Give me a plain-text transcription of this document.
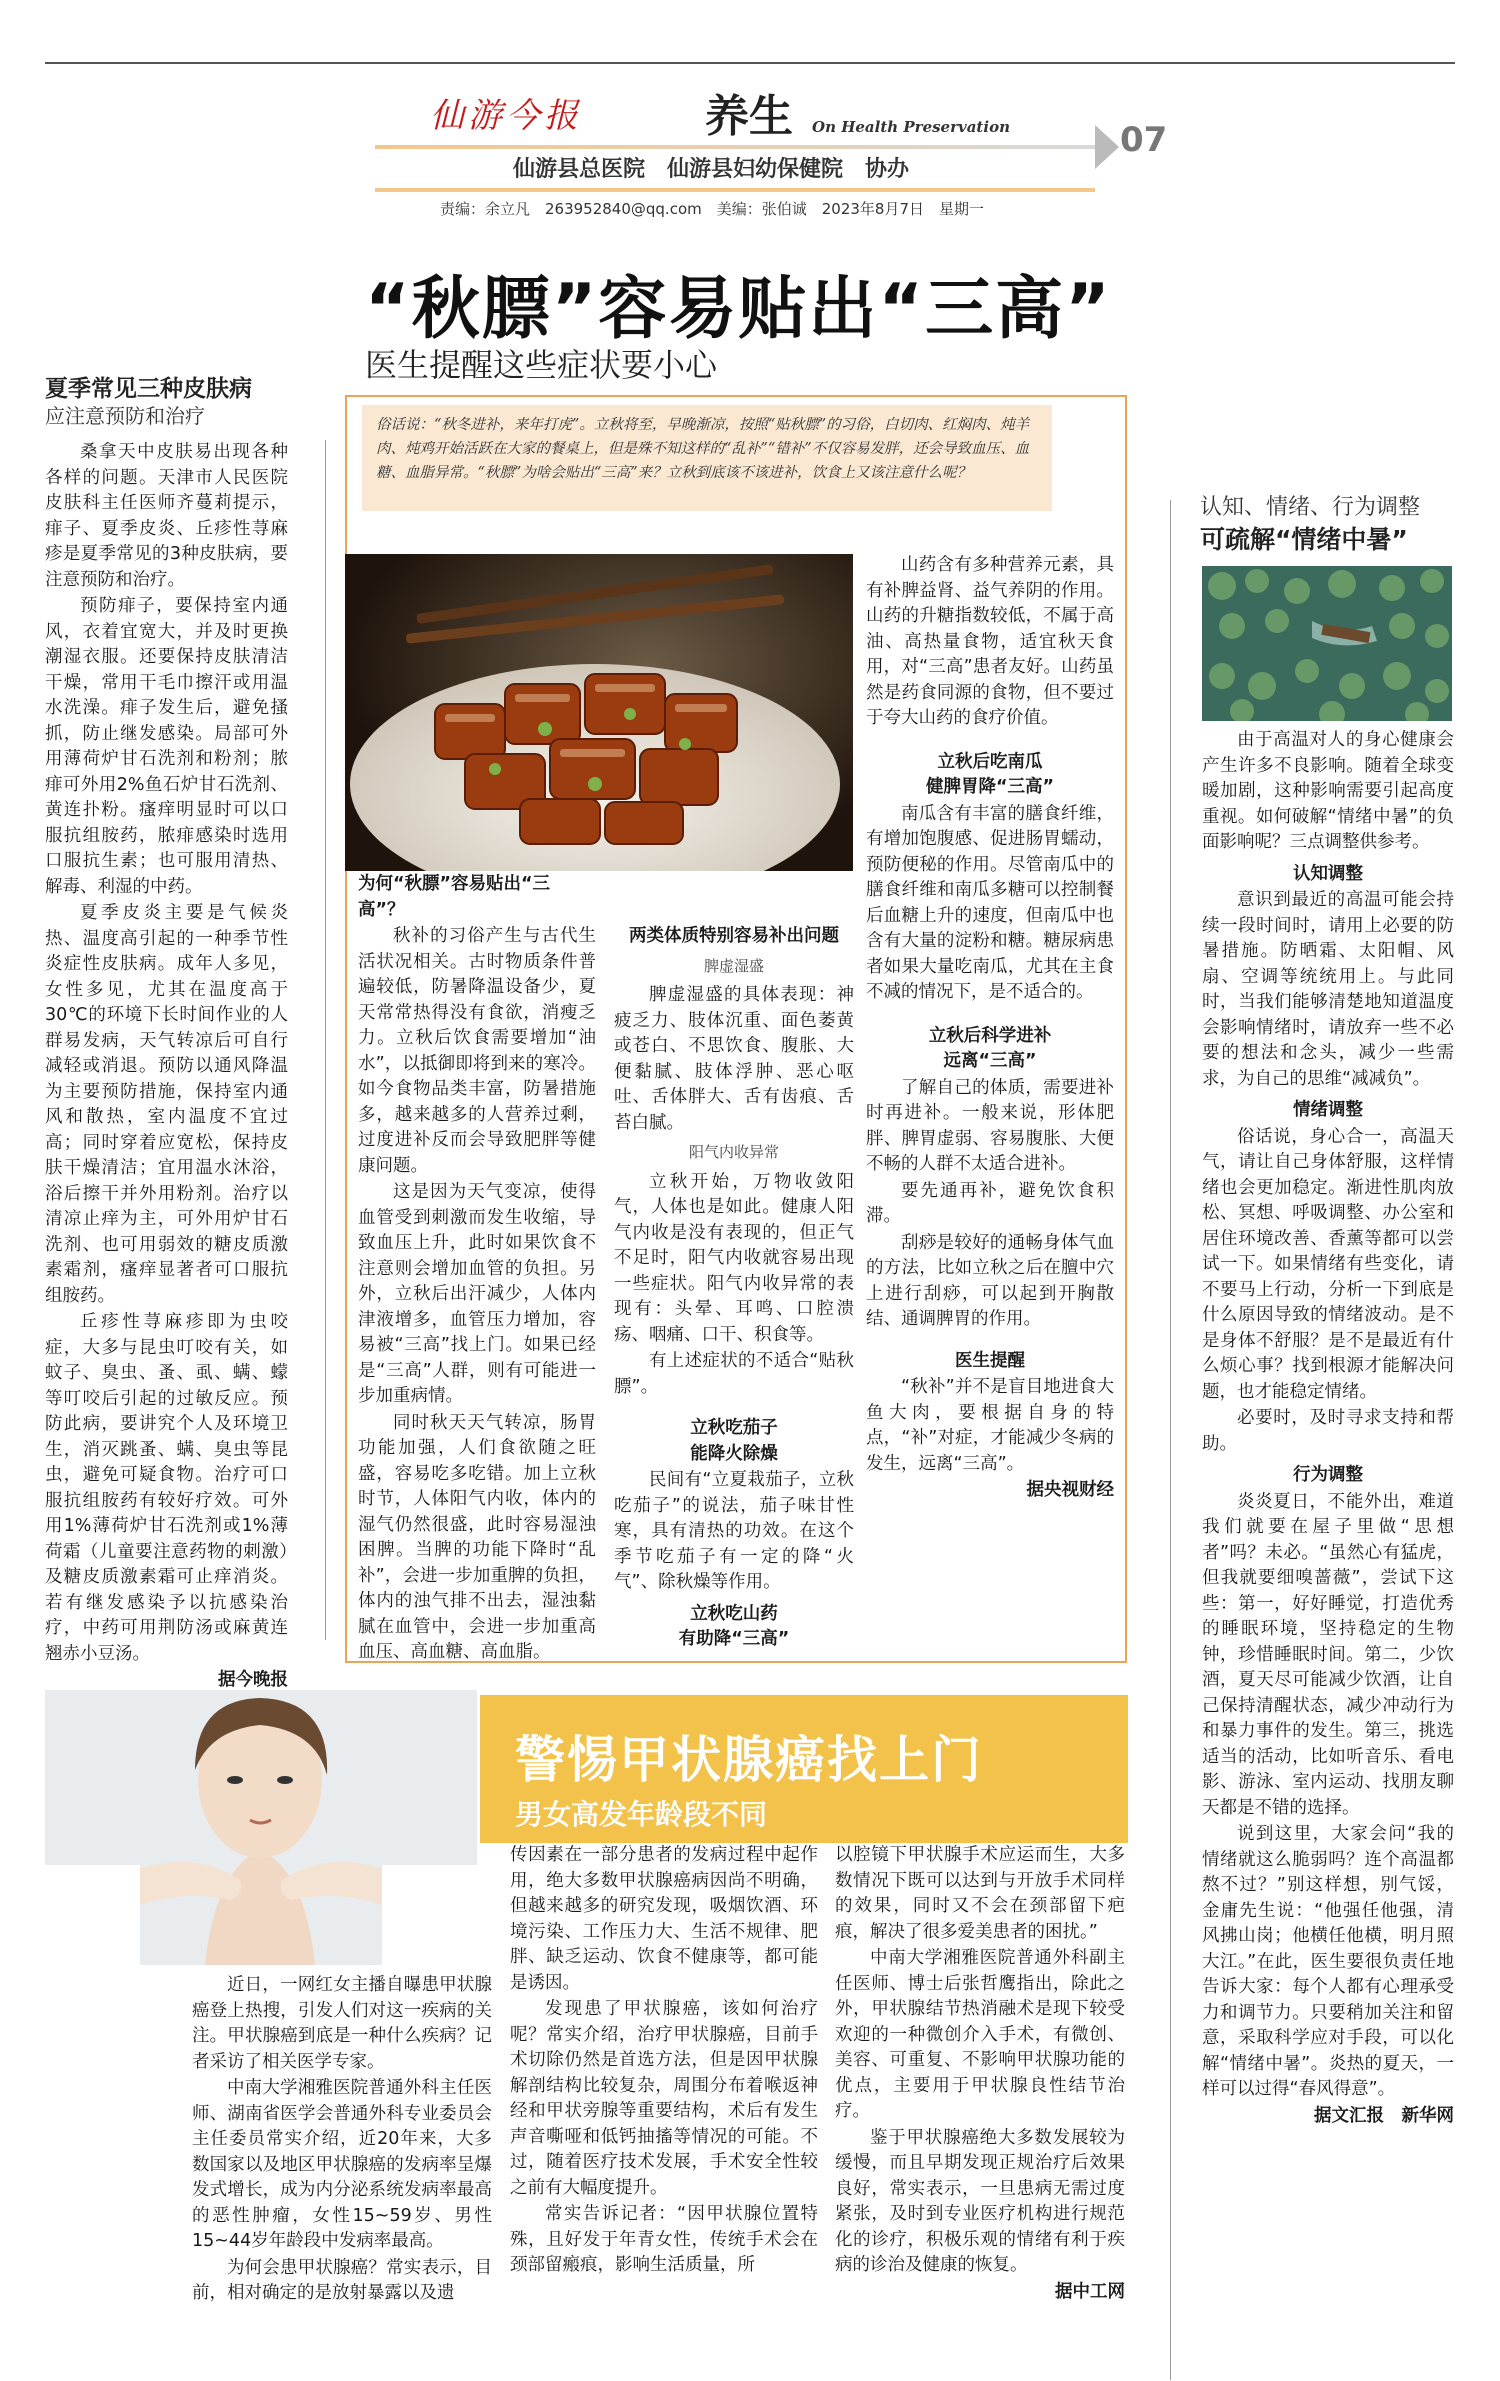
仙游今报	养生 On Health Preservation	07
仙游县总医院　仙游县妇幼保健院　协办
责编：余立凡　263952840@qq.com　美编：张伯诚　2023年8月7日　星期一
“秋膘”容易贴出“三高”
医生提醒这些症状要小心
俗话说：“秋冬进补，来年打虎”。立秋将至，早晚渐凉，按照“贴秋膘”的习俗，白切肉、红焖肉、炖羊肉、炖鸡开始活跃在大家的餐桌上，但是殊不知这样的“乱补”“错补”不仅容易发胖，还会导致血压、血糖、血脂异常。“秋膘”为啥会贴出“三高”来？立秋到底该不该进补，饮食上又该注意什么呢？

为何“秋膘”容易贴出“三高”？

秋补的习俗产生与古代生活状况相关。古时物质条件普遍较低，防暑降温设备少，夏天常常热得没有食欲，消瘦乏力。立秋后饮食需要增加“油水”，以抵御即将到来的寒冷。如今食物品类丰富，防暑措施多，越来越多的人营养过剩，过度进补反而会导致肥胖等健康问题。

这是因为天气变凉，使得血管受到刺激而发生收缩，导致血压上升，此时如果饮食不注意则会增加血管的负担。另外，立秋后出汗减少，人体内津液增多，血管压力增加，容易被“三高”找上门。如果已经是“三高”人群，则有可能进一步加重病情。

同时秋天天气转凉，肠胃功能加强，人们食欲随之旺盛，容易吃多吃错。加上立秋时节，人体阳气内收，体内的湿气仍然很盛，此时容易湿浊困脾。当脾的功能下降时“乱补”，会进一步加重脾的负担，体内的浊气排不出去，湿浊黏腻在血管中，会进一步加重高血压、高血糖、高血脂。

两类体质特别容易补出问题

脾虚湿盛

脾虚湿盛的具体表现：神疲乏力、肢体沉重、面色萎黄或苍白、不思饮食、腹胀、大便黏腻、肢体浮肿、恶心呕吐、舌体胖大、舌有齿痕、舌苔白腻。

阳气内收异常

立秋开始，万物收敛阳气，人体也是如此。健康人阳气内收是没有表现的，但正气不足时，阳气内收就容易出现一些症状。阳气内收异常的表现有：头晕、耳鸣、口腔溃疡、咽痛、口干、积食等。

有上述症状的不适合“贴秋膘”。

立秋吃茄子
能降火除燥

民间有“立夏栽茄子，立秋吃茄子”的说法，茄子味甘性寒，具有清热的功效。在这个季节吃茄子有一定的降“火气”、除秋燥等作用。

立秋吃山药
有助降“三高”

山药含有多种营养元素，具有补脾益肾、益气养阴的作用。山药的升糖指数较低，不属于高油、高热量食物，适宜秋天食用，对“三高”患者友好。山药虽然是药食同源的食物，但不要过于夸大山药的食疗价值。

立秋后吃南瓜
健脾胃降“三高”

南瓜含有丰富的膳食纤维，有增加饱腹感、促进肠胃蠕动，预防便秘的作用。尽管南瓜中的膳食纤维和南瓜多糖可以控制餐后血糖上升的速度，但南瓜中也含有大量的淀粉和糖。糖尿病患者如果大量吃南瓜，尤其在主食不减的情况下，是不适合的。

立秋后科学进补
远离“三高”

了解自己的体质，需要进补时再进补。一般来说，形体肥胖、脾胃虚弱、容易腹胀、大便不畅的人群不太适合进补。

要先通再补，避免饮食积滞。

刮痧是较好的通畅身体气血的方法，比如立秋之后在膻中穴上进行刮痧，可以起到开胸散结、通调脾胃的作用。

医生提醒

“秋补”并不是盲目地进食大鱼大肉，要根据自身的特点，“补”对症，才能减少冬病的发生，远离“三高”。

据央视财经

夏季常见三种皮肤病
应注意预防和治疗

桑拿天中皮肤易出现各种各样的问题。天津市人民医院皮肤科主任医师齐蔓莉提示，痱子、夏季皮炎、丘疹性荨麻疹是夏季常见的3种皮肤病，要注意预防和治疗。

预防痱子，要保持室内通风，衣着宜宽大，并及时更换潮湿衣服。还要保持皮肤清洁干燥，常用干毛巾擦汗或用温水洗澡。痱子发生后，避免搔抓，防止继发感染。局部可外用薄荷炉甘石洗剂和粉剂；脓痱可外用2%鱼石炉甘石洗剂、黄连扑粉。瘙痒明显时可以口服抗组胺药，脓痱感染时选用口服抗生素；也可服用清热、解毒、利湿的中药。

夏季皮炎主要是气候炎热、温度高引起的一种季节性炎症性皮肤病。成年人多见，女性多见，尤其在温度高于30℃的环境下长时间作业的人群易发病，天气转凉后可自行减轻或消退。预防以通风降温为主要预防措施，保持室内通风和散热，室内温度不宜过高；同时穿着应宽松，保持皮肤干燥清洁；宜用温水沐浴，浴后擦干并外用粉剂。治疗以清凉止痒为主，可外用炉甘石洗剂、也可用弱效的糖皮质激素霜剂，瘙痒显著者可口服抗组胺药。

丘疹性荨麻疹即为虫咬症，大多与昆虫叮咬有关，如蚊子、臭虫、蚤、虱、螨、蠓等叮咬后引起的过敏反应。预防此病，要讲究个人及环境卫生，消灭跳蚤、螨、臭虫等昆虫，避免可疑食物。治疗可口服抗组胺药有较好疗效。可外用1%薄荷炉甘石洗剂或1%薄荷霜（儿童要注意药物的刺激）及糖皮质激素霜可止痒消炎。若有继发感染予以抗感染治疗，中药可用荆防汤或麻黄连翘赤小豆汤。

据今晚报

认知、情绪、行为调整
可疏解“情绪中暑”

由于高温对人的身心健康会产生许多不良影响。随着全球变暖加剧，这种影响需要引起高度重视。如何破解“情绪中暑”的负面影响呢？三点调整供参考。

认知调整

意识到最近的高温可能会持续一段时间时，请用上必要的防暑措施。防晒霜、太阳帽、风扇、空调等统统用上。与此同时，当我们能够清楚地知道温度会影响情绪时，请放弃一些不必要的想法和念头，减少一些需求，为自己的思维“减减负”。

情绪调整

俗话说，身心合一，高温天气，请让自己身体舒服，这样情绪也会更加稳定。渐进性肌肉放松、冥想、呼吸调整、办公室和居住环境改善、香薰等都可以尝试一下。如果情绪有些变化，请不要马上行动，分析一下到底是什么原因导致的情绪波动。是不是身体不舒服？是不是最近有什么烦心事？找到根源才能解决问题，也才能稳定情绪。

必要时，及时寻求支持和帮助。

行为调整

炎炎夏日，不能外出，难道我们就要在屋子里做“思想者”吗？未必。“虽然心有猛虎，但我就要细嗅蔷薇”，尝试下这些：第一，好好睡觉，打造优秀的睡眠环境，坚持稳定的生物钟，珍惜睡眠时间。第二，少饮酒，夏天尽可能减少饮酒，让自己保持清醒状态，减少冲动行为和暴力事件的发生。第三，挑选适当的活动，比如听音乐、看电影、游泳、室内运动、找朋友聊天都是不错的选择。

说到这里，大家会问“我的情绪就这么脆弱吗？连个高温都熬不过？”别这样想，别气馁，金庸先生说：“他强任他强，清风拂山岗；他横任他横，明月照大江。”在此，医生要很负责任地告诉大家：每个人都有心理承受力和调节力。只要稍加关注和留意，采取科学应对手段，可以化解“情绪中暑”。炎热的夏天，一样可以过得“春风得意”。

据文汇报　新华网

警惕甲状腺癌找上门
男女高发年龄段不同

近日，一网红女主播自曝患甲状腺癌登上热搜，引发人们对这一疾病的关注。甲状腺癌到底是一种什么疾病？记者采访了相关医学专家。

中南大学湘雅医院普通外科主任医师、湖南省医学会普通外科专业委员会主任委员常实介绍，近20年来，大多数国家以及地区甲状腺癌的发病率呈爆发式增长，成为内分泌系统发病率最高的恶性肿瘤，女性15~59岁、男性15~44岁年龄段中发病率最高。

为何会患甲状腺癌？常实表示，目前，相对确定的是放射暴露以及遗

传因素在一部分患者的发病过程中起作用，绝大多数甲状腺癌病因尚不明确，但越来越多的研究发现，吸烟饮酒、环境污染、工作压力大、生活不规律、肥胖、缺乏运动、饮食不健康等，都可能是诱因。

发现患了甲状腺癌，该如何治疗呢？常实介绍，治疗甲状腺癌，目前手术切除仍然是首选方法，但是因甲状腺解剖结构比较复杂，周围分布着喉返神经和甲状旁腺等重要结构，术后有发生声音嘶哑和低钙抽搐等情况的可能。不过，随着医疗技术发展，手术安全性较之前有大幅度提升。

常实告诉记者：“因甲状腺位置特殊，且好发于年青女性，传统手术会在颈部留瘢痕，影响生活质量，所

以腔镜下甲状腺手术应运而生，大多数情况下既可以达到与开放手术同样的效果，同时又不会在颈部留下疤痕，解决了很多爱美患者的困扰。”

中南大学湘雅医院普通外科副主任医师、博士后张哲鹰指出，除此之外，甲状腺结节热消融术是现下较受欢迎的一种微创介入手术，有微创、美容、可重复、不影响甲状腺功能的优点，主要用于甲状腺良性结节治疗。

鉴于甲状腺癌绝大多数发展较为缓慢，而且早期发现正规治疗后效果良好，常实表示，一旦患病无需过度紧张，及时到专业医疗机构进行规范化的诊疗，积极乐观的情绪有利于疾病的诊治及健康的恢复。

据中工网
